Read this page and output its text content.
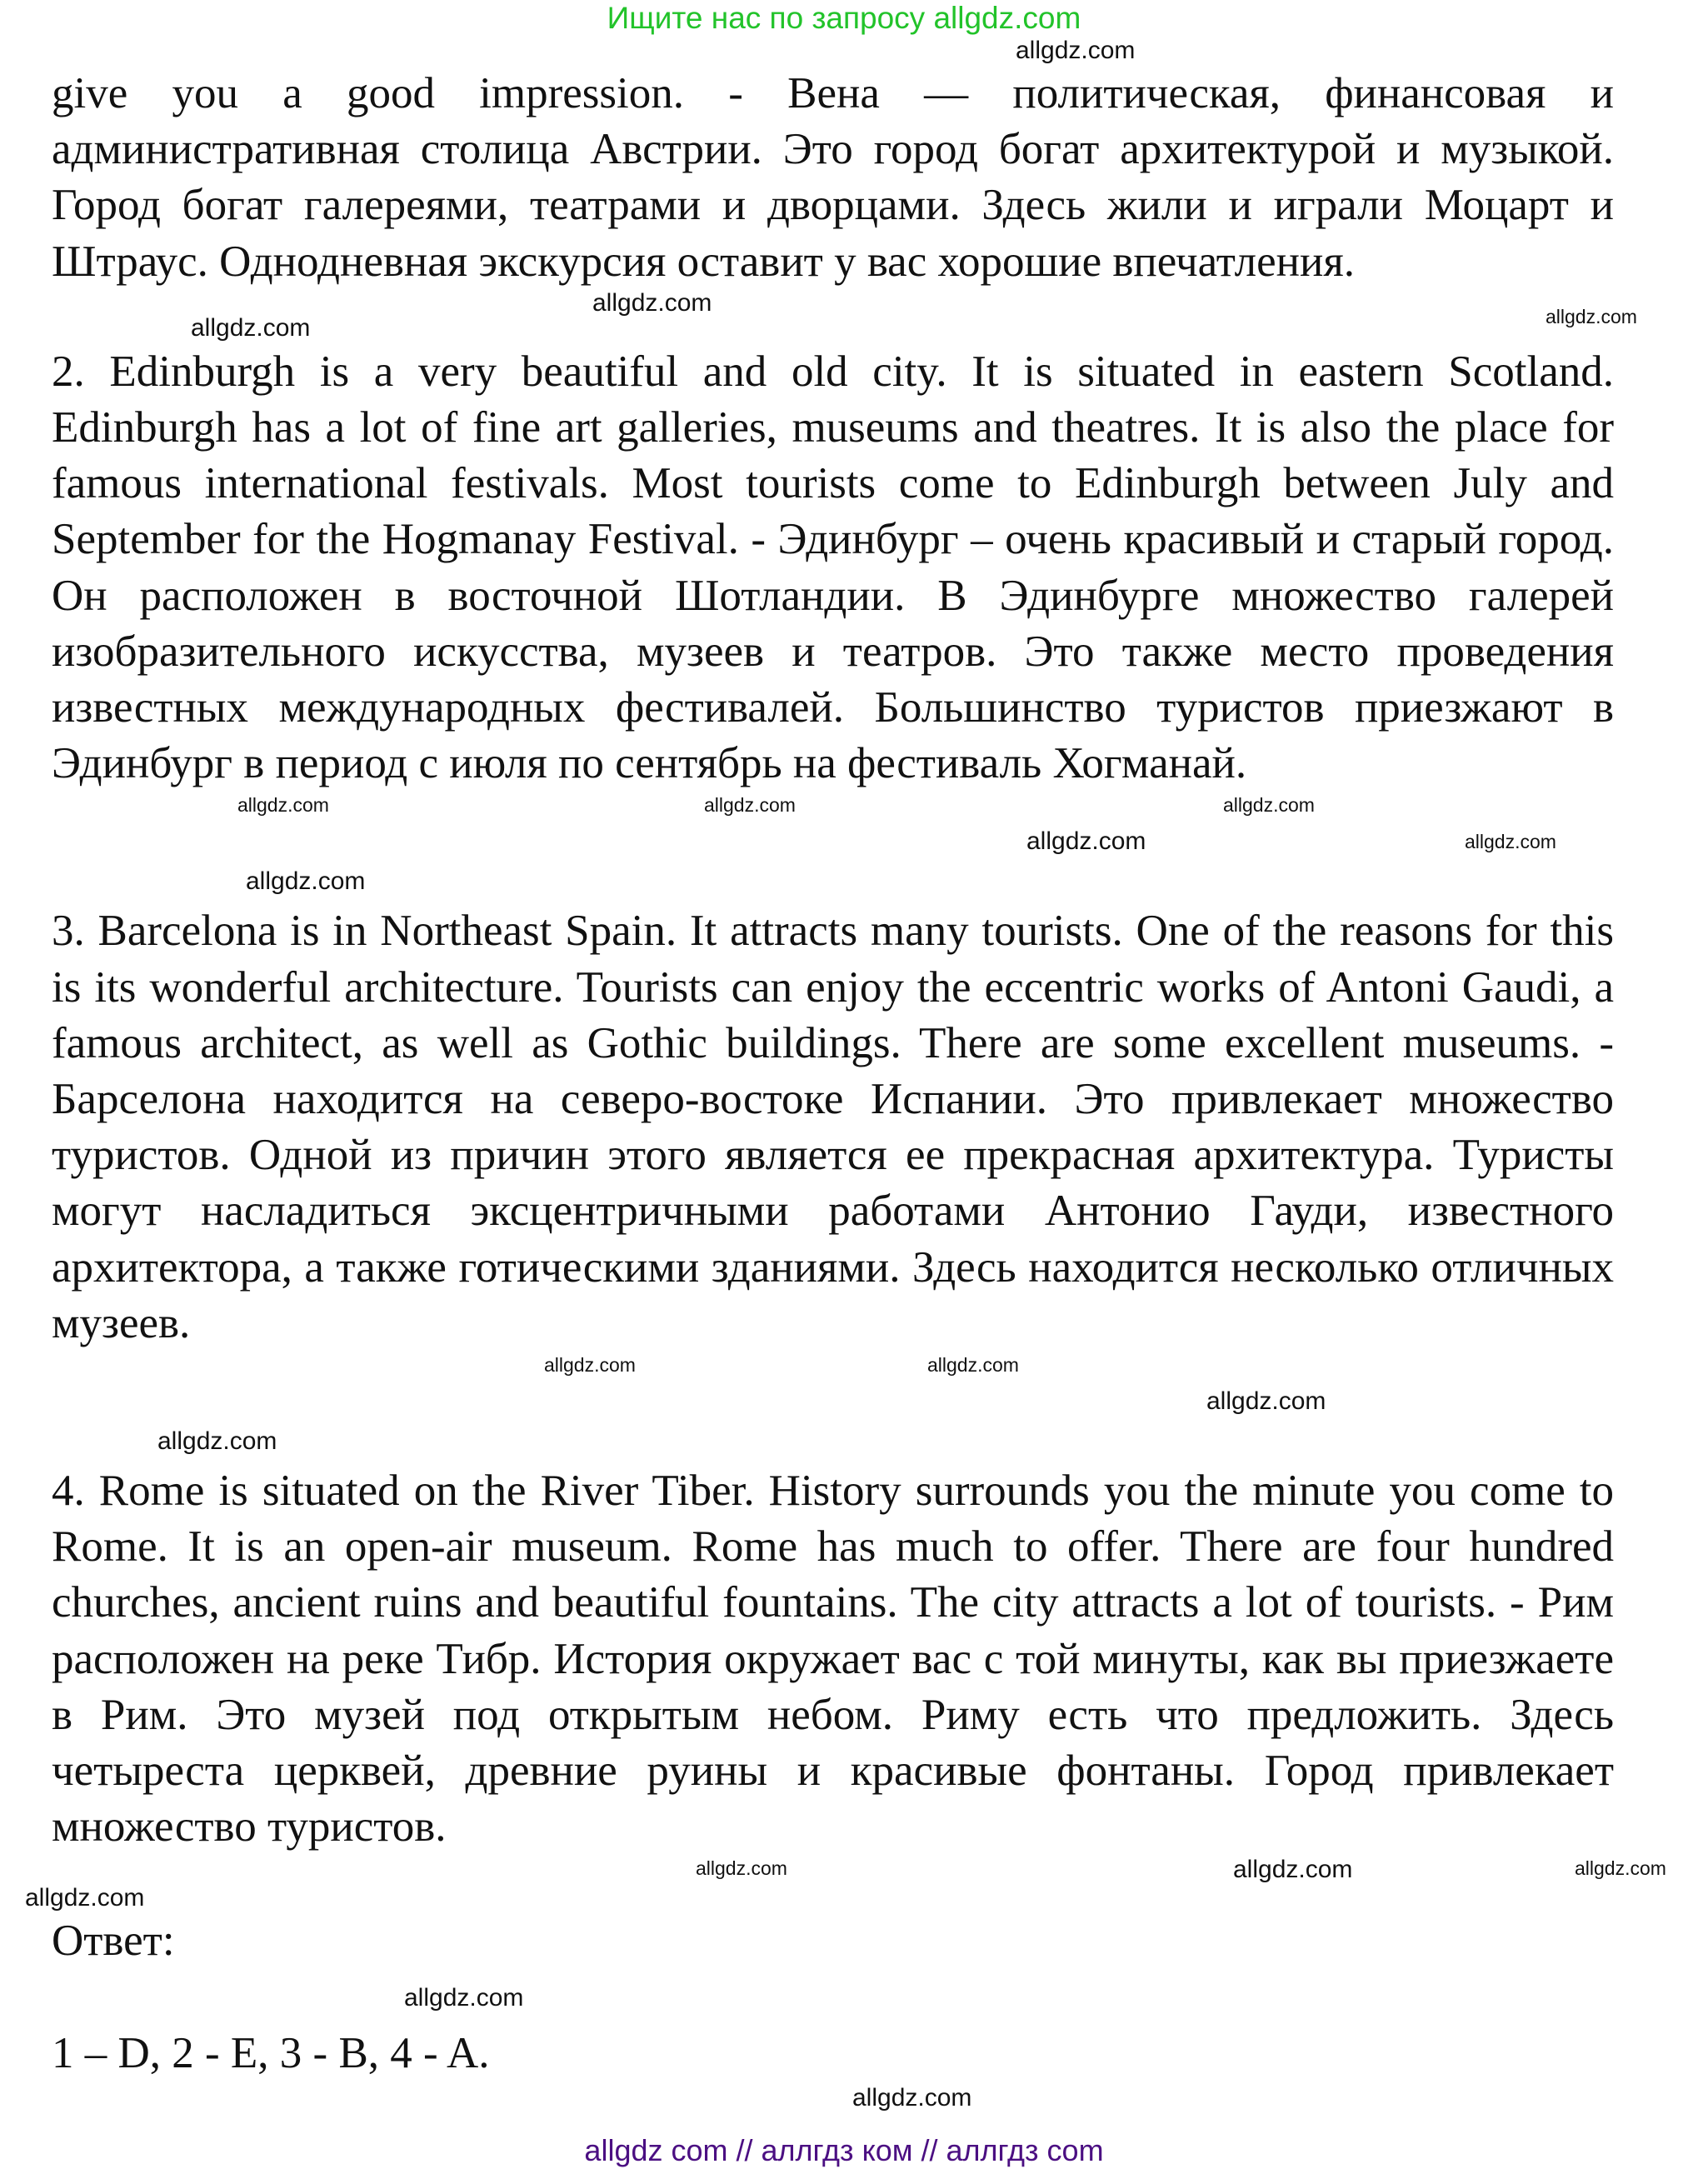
Ищите нас по запросу allgdz.com
allgdz.com

give you a good impression. - Вена — политическая, финансовая и административная столица Австрии. Это город богат архитектурой и музыкой. Город богат галереями, театрами и дворцами. Здесь жили и играли Моцарт и Штраус. Однодневная экскурсия оставит у вас хорошие впечатления.

allgdz.com
allgdz.com	allgdz.com

2. Edinburgh is a very beautiful and old city. It is situated in eastern Scotland. Edinburgh has a lot of fine art galleries, museums and theatres. It is also the place for famous international festivals. Most tourists come to Edinburgh between July and September for the Hogmanay Festival. - Эдинбург – очень красивый и старый город. Он расположен в восточной Шотландии. В Эдинбурге множество галерей изобразительного искусства, музеев и театров. Это также место проведения известных международных фестивалей. Большинство туристов приезжают в Эдинбург в период с июля по сентябрь на фестиваль Хогманай.

allgdz.com	allgdz.com	allgdz.com
allgdz.com	allgdz.com
allgdz.com

3. Barcelona is in Northeast Spain. It attracts many tourists. One of the reasons for this is its wonderful architecture. Tourists can enjoy the eccentric works of Antoni Gaudi, a famous architect, as well as Gothic buildings. There are some excellent museums. - Барселона находится на северо-востоке Испании. Это привлекает множество туристов. Одной из причин этого является ее прекрасная архитектура. Туристы могут насладиться эксцентричными работами Антонио Гауди, известного архитектора, а также готическими зданиями. Здесь находится несколько отличных музеев.

allgdz.com	allgdz.com
allgdz.com
allgdz.com

4. Rome is situated on the River Tiber. History surrounds you the minute you come to Rome. It is an open-air museum. Rome has much to offer. There are four hundred churches, ancient ruins and beautiful fountains. The city attracts a lot of tourists. - Рим расположен на реке Тибр. История окружает вас с той минуты, как вы приезжаете в Рим. Это музей под открытым небом. Риму есть что предложить. Здесь четыреста церквей, древние руины и красивые фонтаны. Город привлекает множество туристов.

allgdz.com	allgdz.com
allgdz.com
allgdz.com

Ответ:

allgdz.com

1 – D, 2 - E, 3 - B, 4 - A.

allgdz.com
allgdz com // аллгдз ком // аллгдз com
